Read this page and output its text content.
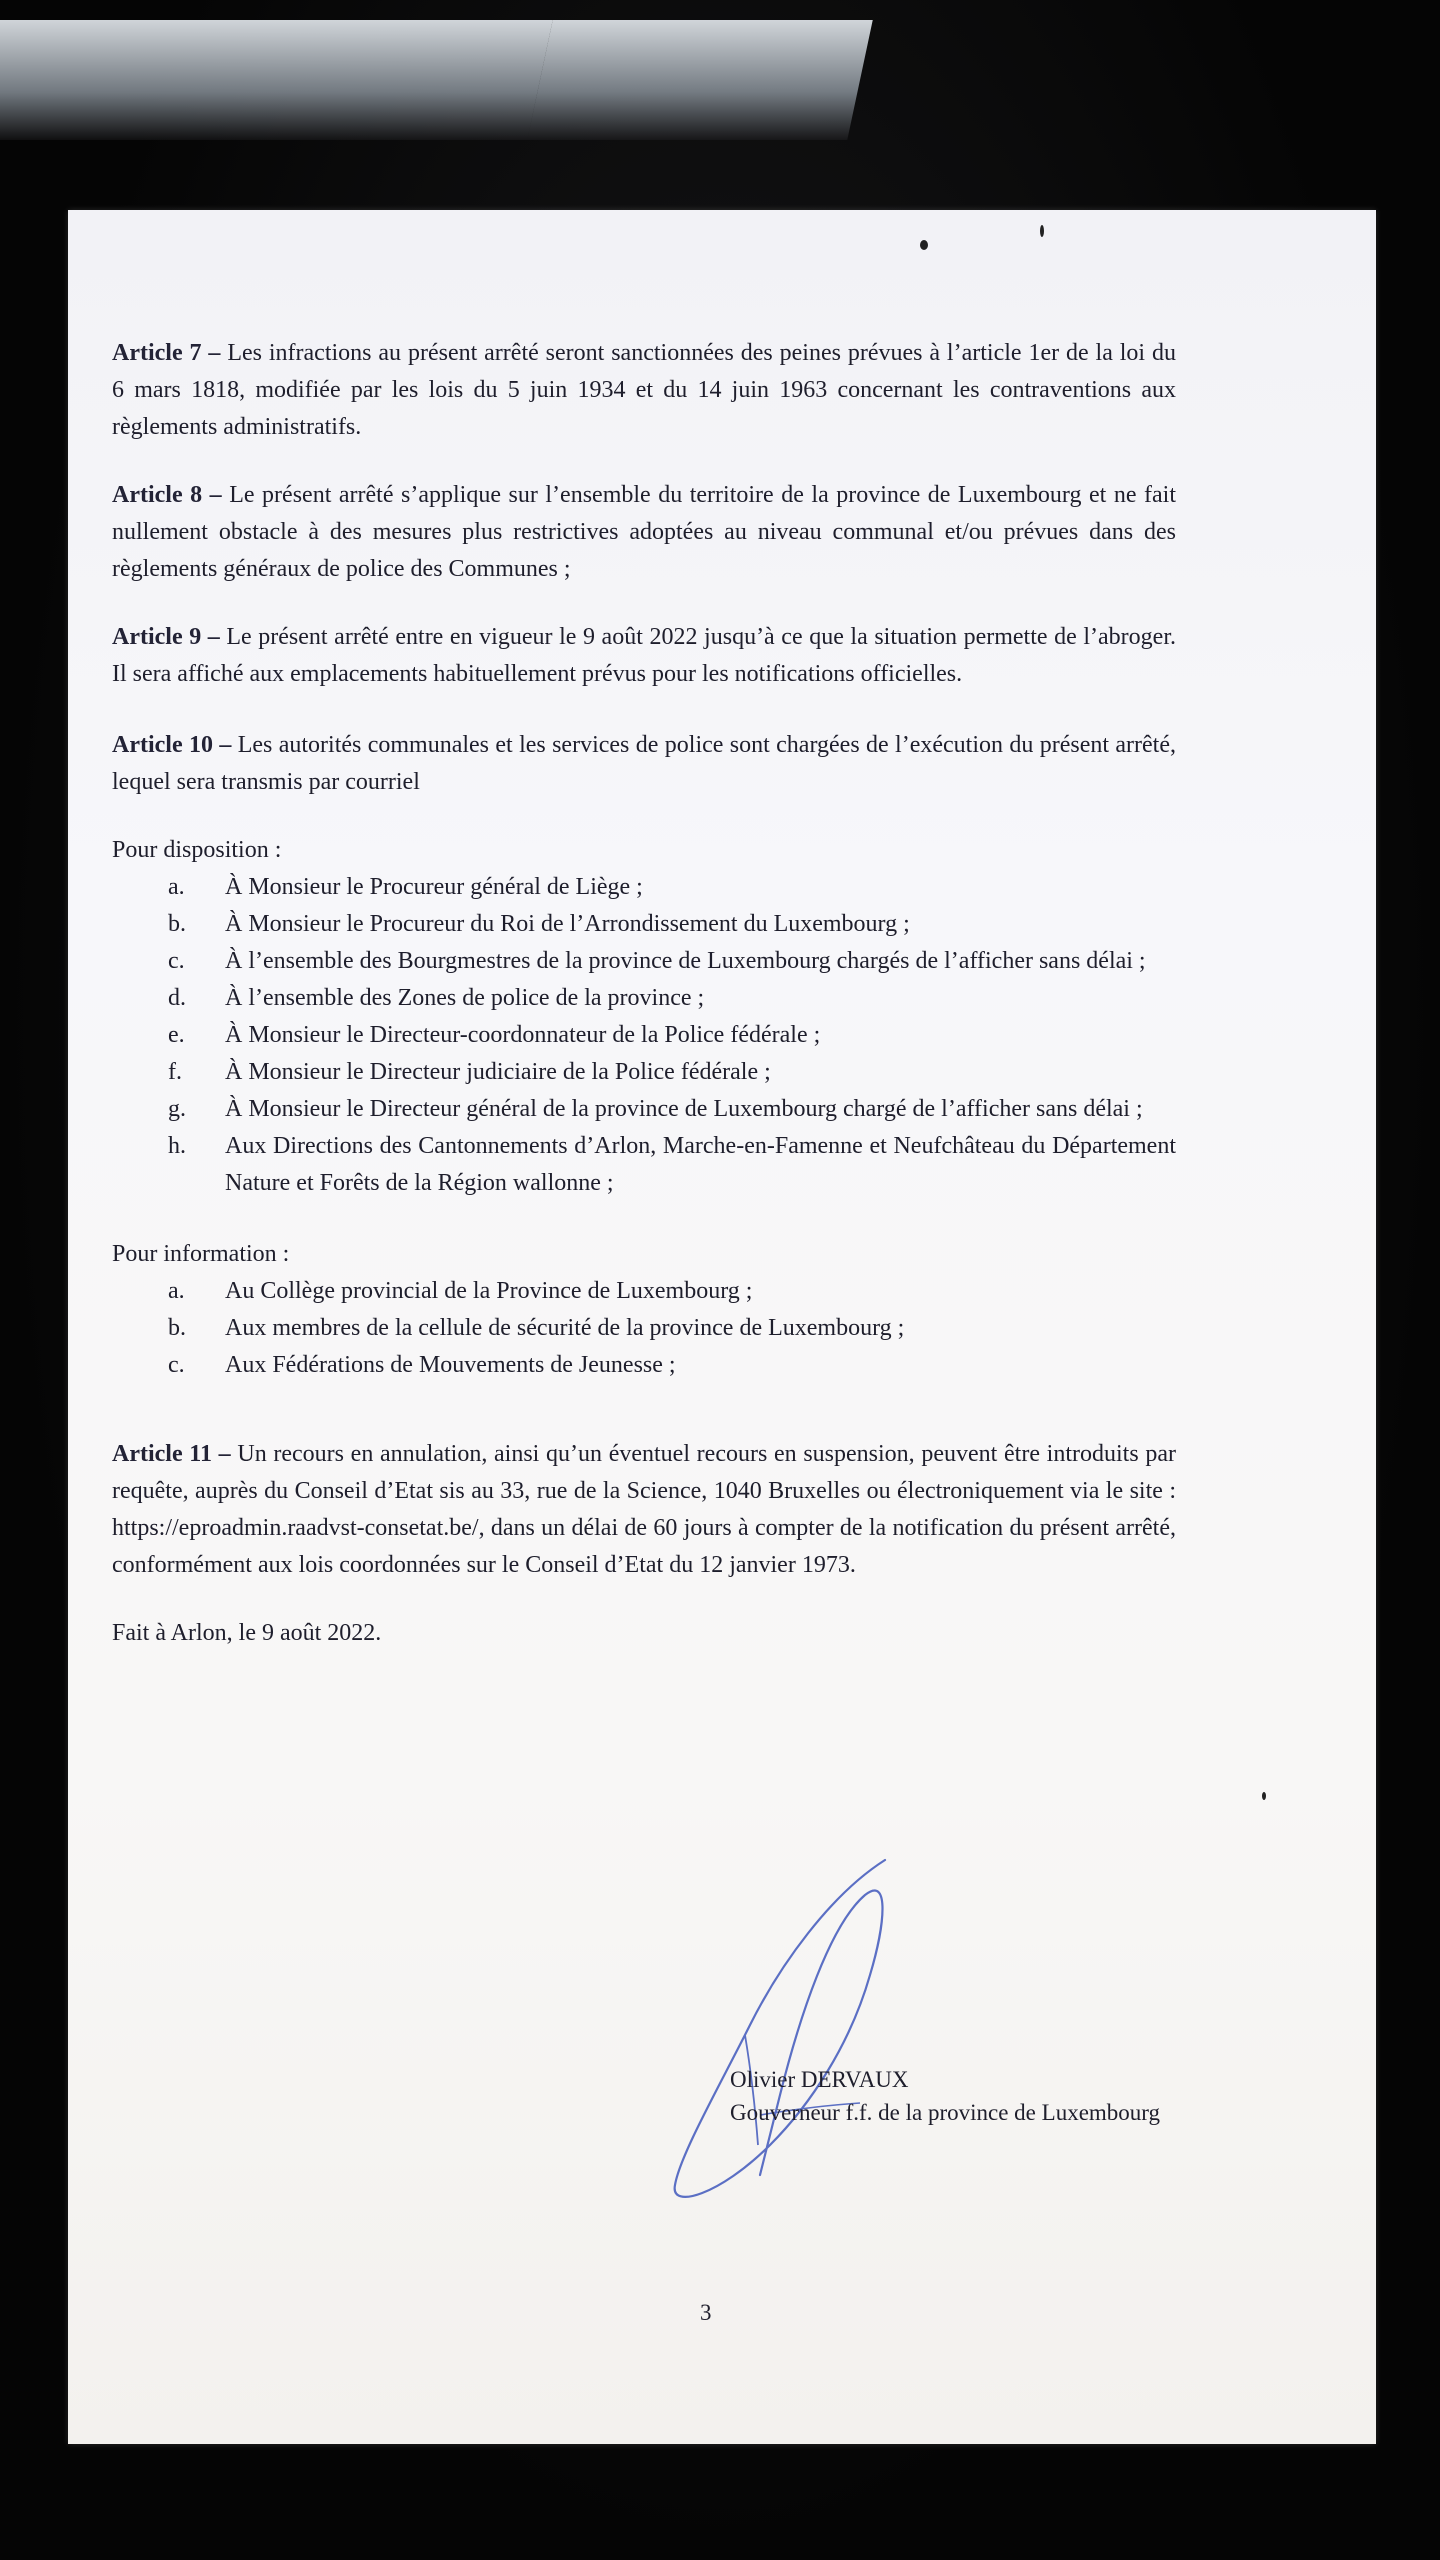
Article 7 – Les infractions au présent arrêté seront sanctionnées des peines prévues à l’article 1er de la loi du 6 mars 1818, modifiée par les lois du 5 juin 1934 et du 14 juin 1963 concernant les contraventions aux règlements administratifs.

Article 8 – Le présent arrêté s’applique sur l’ensemble du territoire de la province de Luxembourg et ne fait nullement obstacle à des mesures plus restrictives adoptées au niveau communal et/ou prévues dans des règlements généraux de police des Communes ;

Article 9 – Le présent arrêté entre en vigueur le 9 août 2022 jusqu’à ce que la situation permette de l’abroger. Il sera affiché aux emplacements habituellement prévus pour les notifications officielles.

Article 10 – Les autorités communales et les services de police sont chargées de l’exécution du présent arrêté, lequel sera transmis par courriel

Pour disposition :

a.	À Monsieur le Procureur général de Liège ;
b.	À Monsieur le Procureur du Roi de l’Arrondissement du Luxembourg ;
c.	À l’ensemble des Bourgmestres de la province de Luxembourg chargés de l’afficher sans délai ;
d.	À l’ensemble des Zones de police de la province ;
e.	À Monsieur le Directeur-coordonnateur de la Police fédérale ;
f.	À Monsieur le Directeur judiciaire de la Police fédérale ;
g.	À Monsieur le Directeur général de la province de Luxembourg chargé de l’afficher sans délai ;
h.	Aux Directions des Cantonnements d’Arlon, Marche-en-Famenne et Neufchâteau du Département Nature et Forêts de la Région wallonne ;

Pour information :

a.	Au Collège provincial de la Province de Luxembourg ;
b.	Aux membres de la cellule de sécurité de la province de Luxembourg ;
c.	Aux Fédérations de Mouvements de Jeunesse ;

Article 11 – Un recours en annulation, ainsi qu’un éventuel recours en suspension, peuvent être introduits par requête, auprès du Conseil d’Etat sis au 33, rue de la Science, 1040 Bruxelles ou électroniquement via le site : https://eproadmin.raadvst-consetat.be/, dans un délai de 60 jours à compter de la notification du présent arrêté, conformément aux lois coordonnées sur le Conseil d’Etat du 12 janvier 1973.

Fait à Arlon, le 9 août 2022.

Olivier DERVAUX
Gouverneur f.f. de la province de Luxembourg
3
